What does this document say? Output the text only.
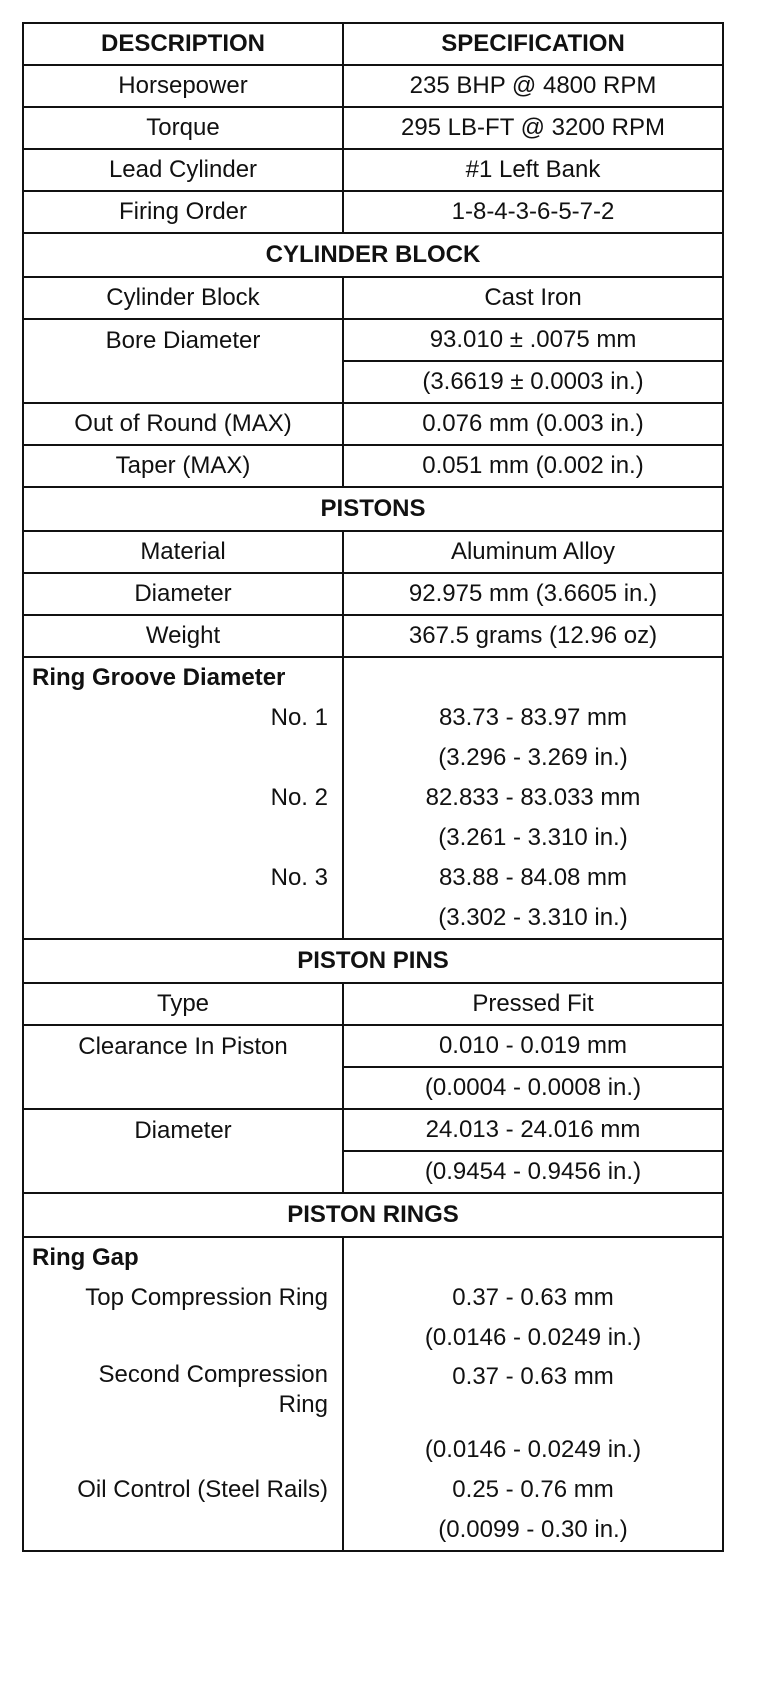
DESCRIPTION	SPECIFICATION
Horsepower	235 BHP @ 4800 RPM
Torque	295 LB-FT @ 3200 RPM
Lead Cylinder	#1 Left Bank
Firing Order	1-8-4-3-6-5-7-2
CYLINDER BLOCK	
Cylinder Block	Cast Iron
Bore Diameter	93.010 ± .0075 mm
	(3.6619 ± 0.0003 in.)
Out of Round (MAX)	0.076 mm (0.003 in.)
Taper (MAX)	0.051 mm (0.002 in.)
PISTONS	
Material	Aluminum Alloy
Diameter	92.975 mm (3.6605 in.)
Weight	367.5 grams (12.96 oz)
Ring Groove Diameter	
No. 1	83.73 - 83.97 mm
	(3.296 - 3.269 in.)
No. 2	82.833 - 83.033 mm
	(3.261 - 3.310 in.)
No. 3	83.88 - 84.08 mm
	(3.302 - 3.310 in.)
PISTON PINS	
Type	Pressed Fit
Clearance In Piston	0.010 - 0.019 mm
	(0.0004 - 0.0008 in.)
Diameter	24.013 - 24.016 mm
	(0.9454 - 0.9456 in.)
PISTON RINGS	
Ring Gap	
Top Compression Ring	0.37 - 0.63 mm
	(0.0146 - 0.0249 in.)
Second Compression Ring	0.37 - 0.63 mm
	(0.0146 - 0.0249 in.)
Oil Control (Steel Rails)	0.25 - 0.76 mm
	(0.0099 - 0.30 in.)
